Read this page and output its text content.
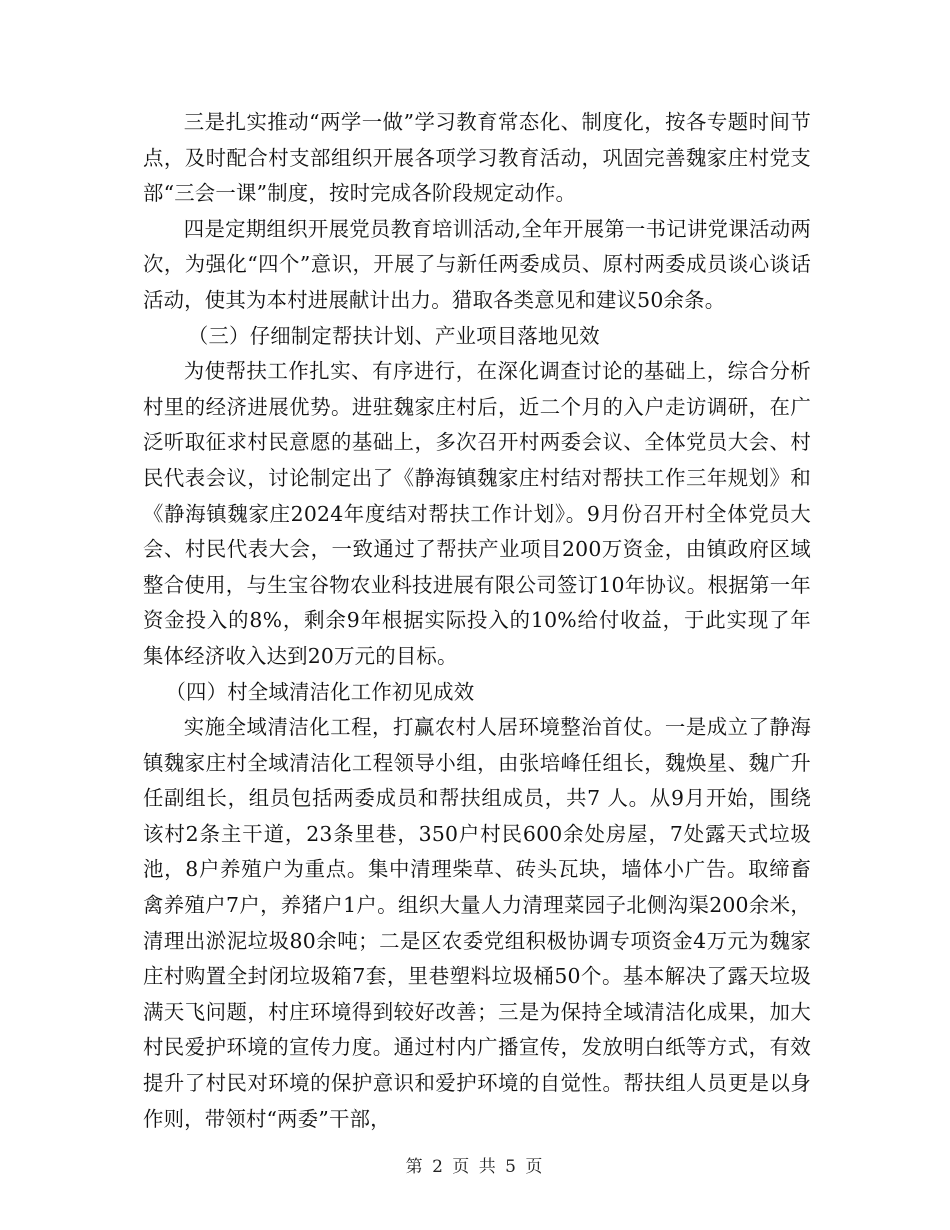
三是扎实推动“两学一做”学习教育常态化、制度化，按各专题时间节点，及时配合村支部组织开展各项学习教育活动，巩固完善魏家庄村党支部“三会一课”制度，按时完成各阶段规定动作。

四是定期组织开展党员教育培训活动,全年开展第一书记讲党课活动两次，为强化“四个”意识，开展了与新任两委成员、原村两委成员谈心谈话活动，使其为本村进展献计出力。猎取各类意见和建议50余条。

（三）仔细制定帮扶计划、产业项目落地见效

为使帮扶工作扎实、有序进行，在深化调查讨论的基础上，综合分析村里的经济进展优势。进驻魏家庄村后，近二个月的入户走访调研，在广泛听取征求村民意愿的基础上，多次召开村两委会议、全体党员大会、村民代表会议，讨论制定出了《静海镇魏家庄村结对帮扶工作三年规划》和《静海镇魏家庄2024年度结对帮扶工作计划》。9月份召开村全体党员大会、村民代表大会，一致通过了帮扶产业项目200万资金，由镇政府区域整合使用，与生宝谷物农业科技进展有限公司签订10年协议。根据第一年资金投入的8%，剩余9年根据实际投入的10%给付收益，于此实现了年集体经济收入达到20万元的目标。

（四）村全域清洁化工作初见成效

实施全域清洁化工程，打赢农村人居环境整治首仗。一是成立了静海镇魏家庄村全域清洁化工程领导小组，由张培峰任组长，魏焕星、魏广升任副组长，组员包括两委成员和帮扶组成员，共7 人。从9月开始，围绕该村2条主干道，23条里巷，350户村民600余处房屋，7处露天式垃圾池，8户养殖户为重点。集中清理柴草、砖头瓦块，墙体小广告。取缔畜禽养殖户7户，养猪户1户。组织大量人力清理菜园子北侧沟渠200余米，清理出淤泥垃圾80余吨；二是区农委党组积极协调专项资金4万元为魏家庄村购置全封闭垃圾箱7套，里巷塑料垃圾桶50个。基本解决了露天垃圾满天飞问题，村庄环境得到较好改善；三是为保持全域清洁化成果，加大村民爱护环境的宣传力度。通过村内广播宣传，发放明白纸等方式，有效提升了村民对环境的保护意识和爱护环境的自觉性。帮扶组人员更是以身作则，带领村“两委”干部，

第 2 页 共 5 页
